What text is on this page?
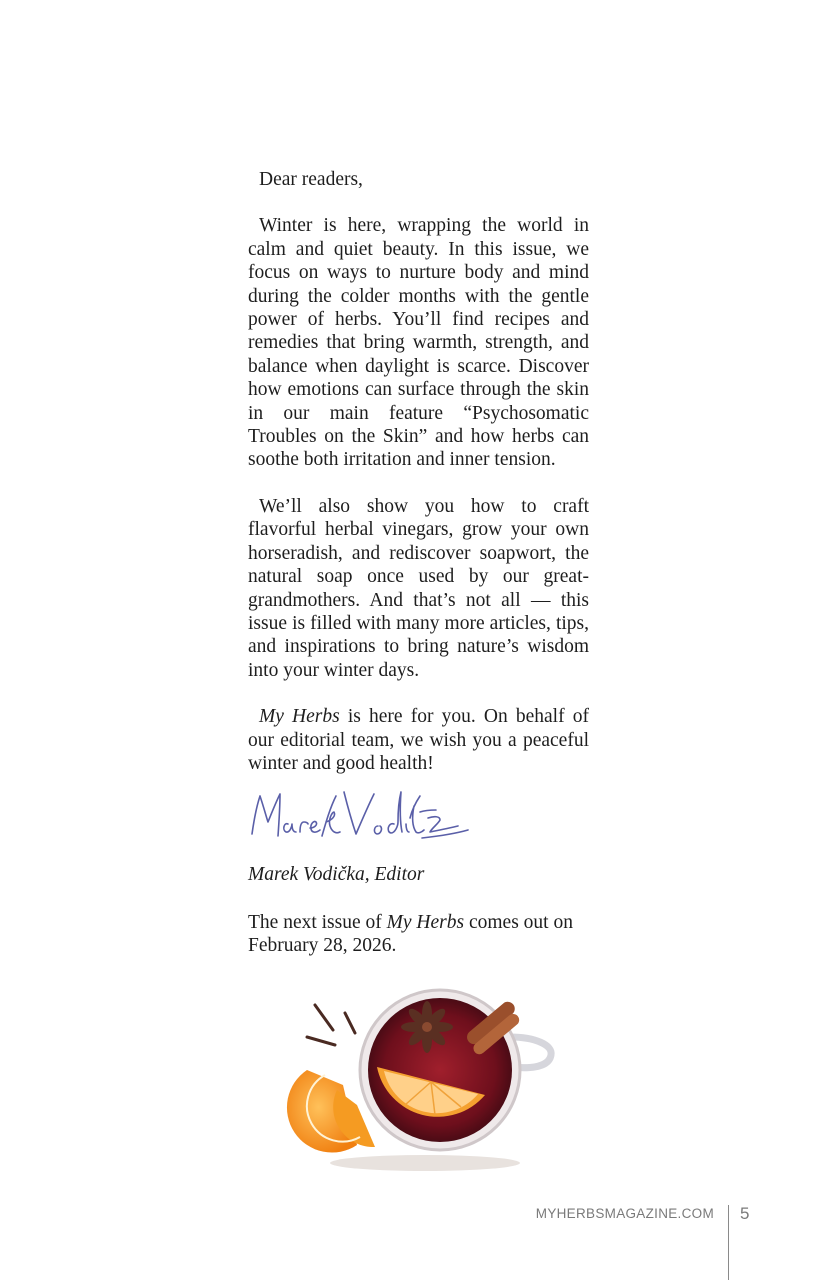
Dear readers,

Winter is here, wrapping the world in calm and quiet beauty. In this issue, we focus on ways to nurture body and mind during the colder months with the gentle power of herbs. You’ll find recipes and remedies that bring warmth, strength, and balance when daylight is scarce. Discover how emotions can surface through the skin in our main feature “Psychosomatic Troubles on the Skin” and how herbs can soothe both irritation and inner tension.

We’ll also show you how to craft flavorful herbal vinegars, grow your own horseradish, and rediscover soapwort, the natural soap once used by our great-grandmothers. And that’s not all — this issue is filled with many more articles, tips, and inspirations to bring nature’s wisdom into your winter days.

My Herbs is here for you. On behalf of our editorial team, we wish you a peaceful winter and good health!

Marek Vodička, Editor

The next issue of My Herbs comes out on February 28, 2026.

MYHERBSMAGAZINE.COM 5
